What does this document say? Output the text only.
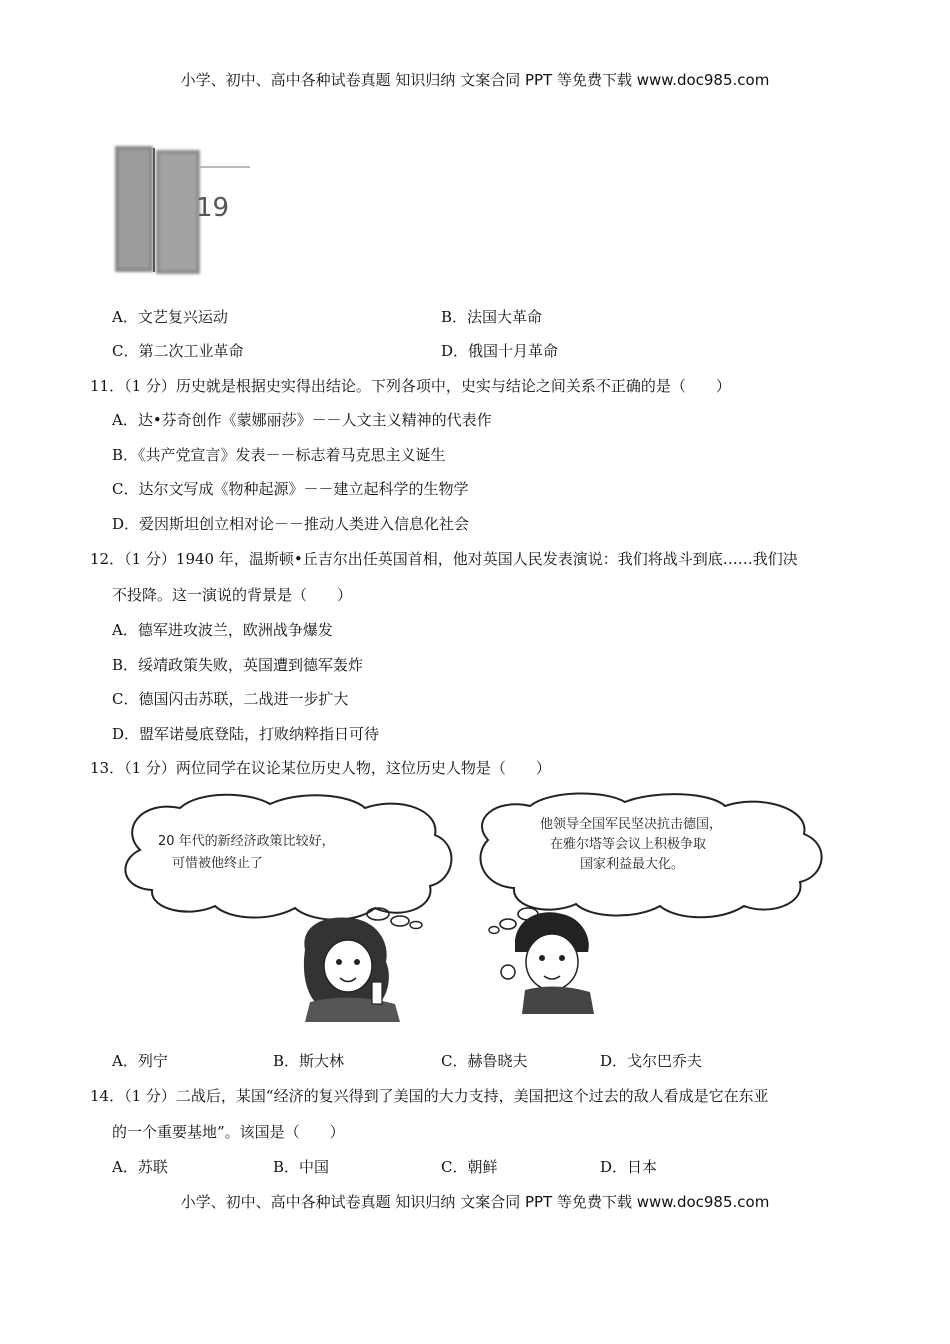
小学、初中、高中各种试卷真题 知识归纳 文案合同 PPT 等免费下载 www.doc985.com
19
A．文艺复兴运动	B．法国大革命
C．第二次工业革命	D．俄国十月革命
11．（1 分）历史就是根据史实得出结论。下列各项中，史实与结论之间关系不正确的是（　　）
A．达•芬奇创作《蒙娜丽莎》－－人文主义精神的代表作
B．《共产党宣言》发表－－标志着马克思主义诞生
C．达尔文写成《物种起源》－－建立起科学的生物学
D．爱因斯坦创立相对论－－推动人类进入信息化社会
12．（1 分）1940 年，温斯顿•丘吉尔出任英国首相，他对英国人民发表演说：我们将战斗到底……我们决
不投降。这一演说的背景是（　　）
A．德军进攻波兰，欧洲战争爆发
B．绥靖政策失败，英国遭到德军轰炸
C．德国闪击苏联，二战进一步扩大
D．盟军诺曼底登陆，打败纳粹指日可待
13．（1 分）两位同学在议论某位历史人物，这位历史人物是（　　）
20 年代的新经济政策比较好，
可惜被他终止了
他领导全国军民坚决抗击德国，
在雅尔塔等会议上积极争取
国家利益最大化。
A．列宁	B．斯大林	C．赫鲁晓夫	D．戈尔巴乔夫
14．（1 分）二战后，某国“经济的复兴得到了美国的大力支持，美国把这个过去的敌人看成是它在东亚
的一个重要基地”。该国是（　　）
A．苏联	B．中国	C．朝鲜	D．日本
小学、初中、高中各种试卷真题 知识归纳 文案合同 PPT 等免费下载 www.doc985.com
